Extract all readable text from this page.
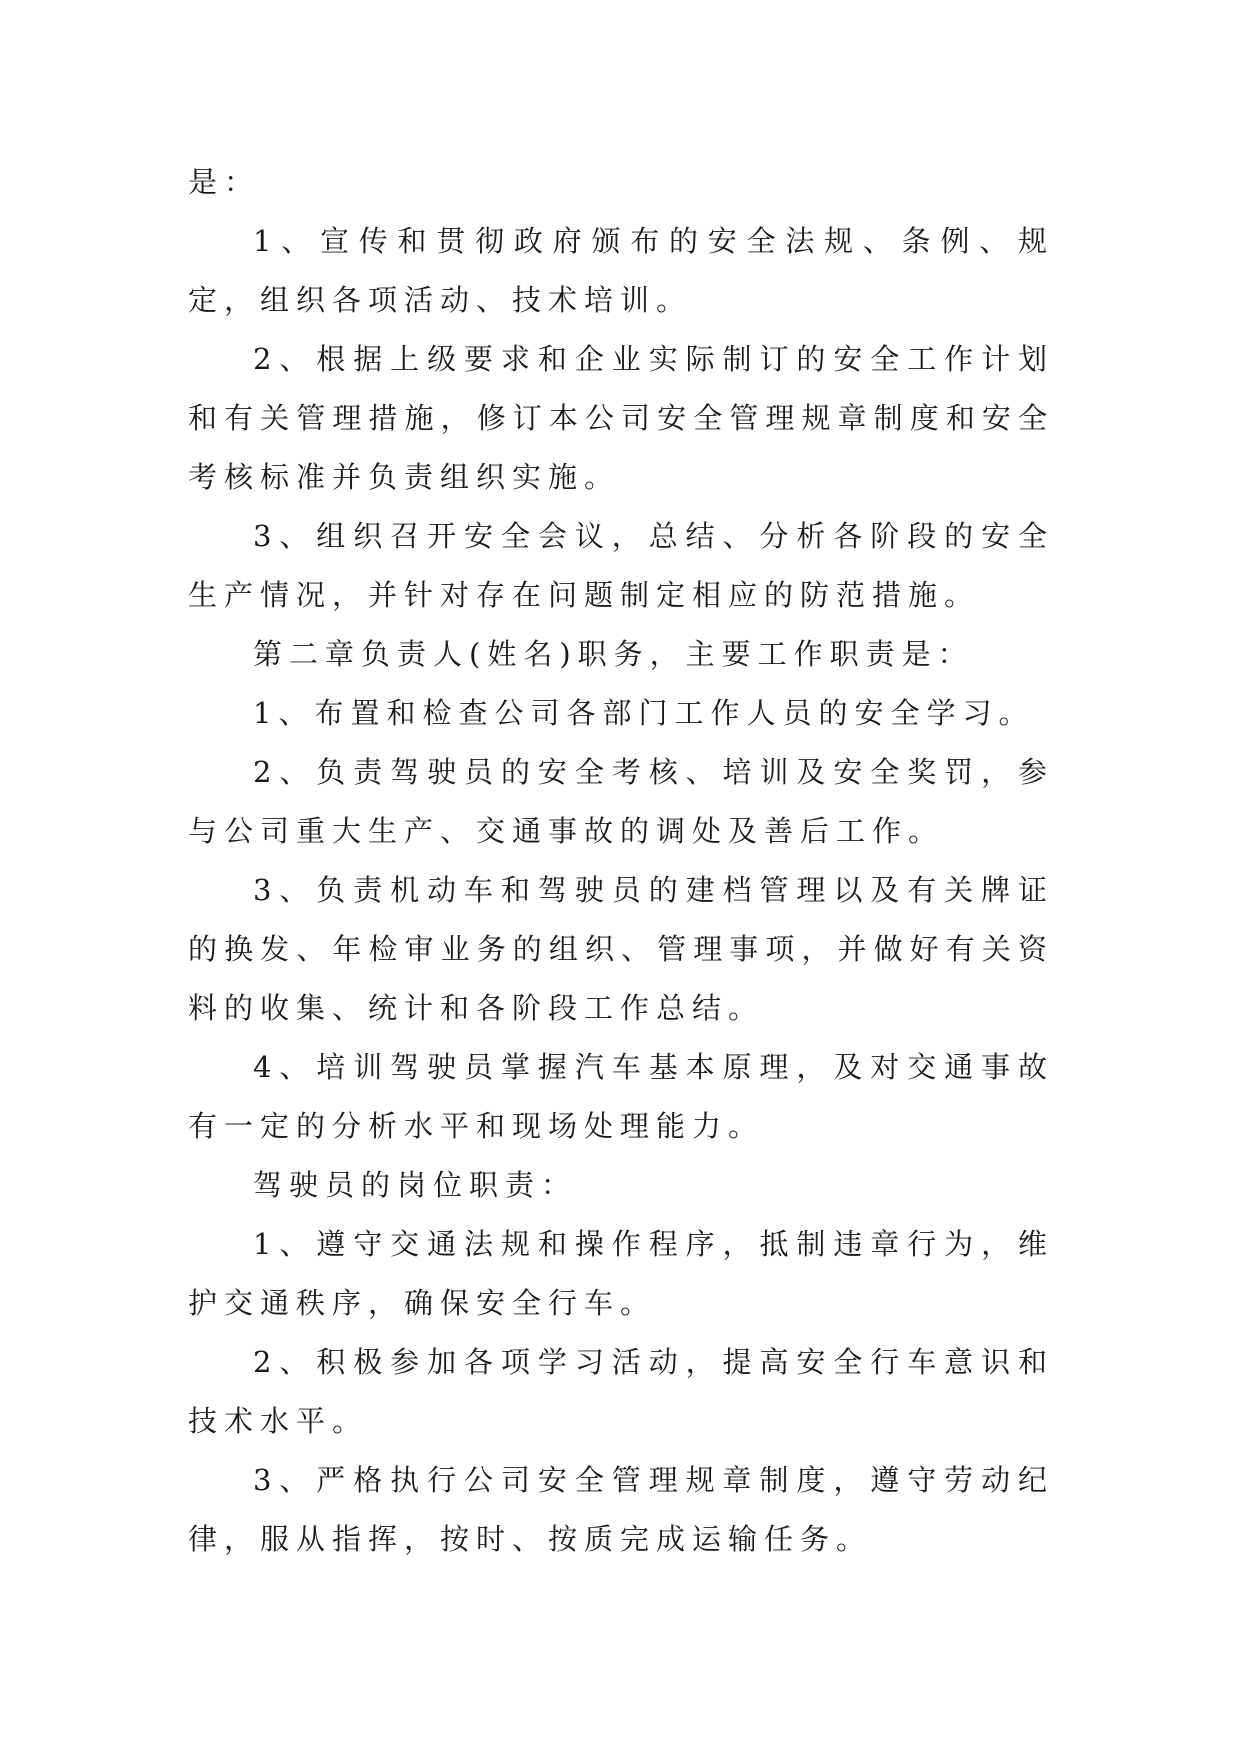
是：

1、宣传和贯彻政府颁布的安全法规、条例、规定，组织各项活动、技术培训。

2、根据上级要求和企业实际制订的安全工作计划和有关管理措施，修订本公司安全管理规章制度和安全考核标准并负责组织实施。

3、组织召开安全会议，总结、分析各阶段的安全生产情况，并针对存在问题制定相应的防范措施。

第二章负责人(姓名)职务，主要工作职责是：

1、布置和检查公司各部门工作人员的安全学习。

2、负责驾驶员的安全考核、培训及安全奖罚，参与公司重大生产、交通事故的调处及善后工作。

3、负责机动车和驾驶员的建档管理以及有关牌证的换发、年检审业务的组织、管理事项，并做好有关资料的收集、统计和各阶段工作总结。

4、培训驾驶员掌握汽车基本原理，及对交通事故有一定的分析水平和现场处理能力。

驾驶员的岗位职责：

1、遵守交通法规和操作程序，抵制违章行为，维护交通秩序，确保安全行车。

2、积极参加各项学习活动，提高安全行车意识和技术水平。

3、严格执行公司安全管理规章制度，遵守劳动纪律，服从指挥，按时、按质完成运输任务。
